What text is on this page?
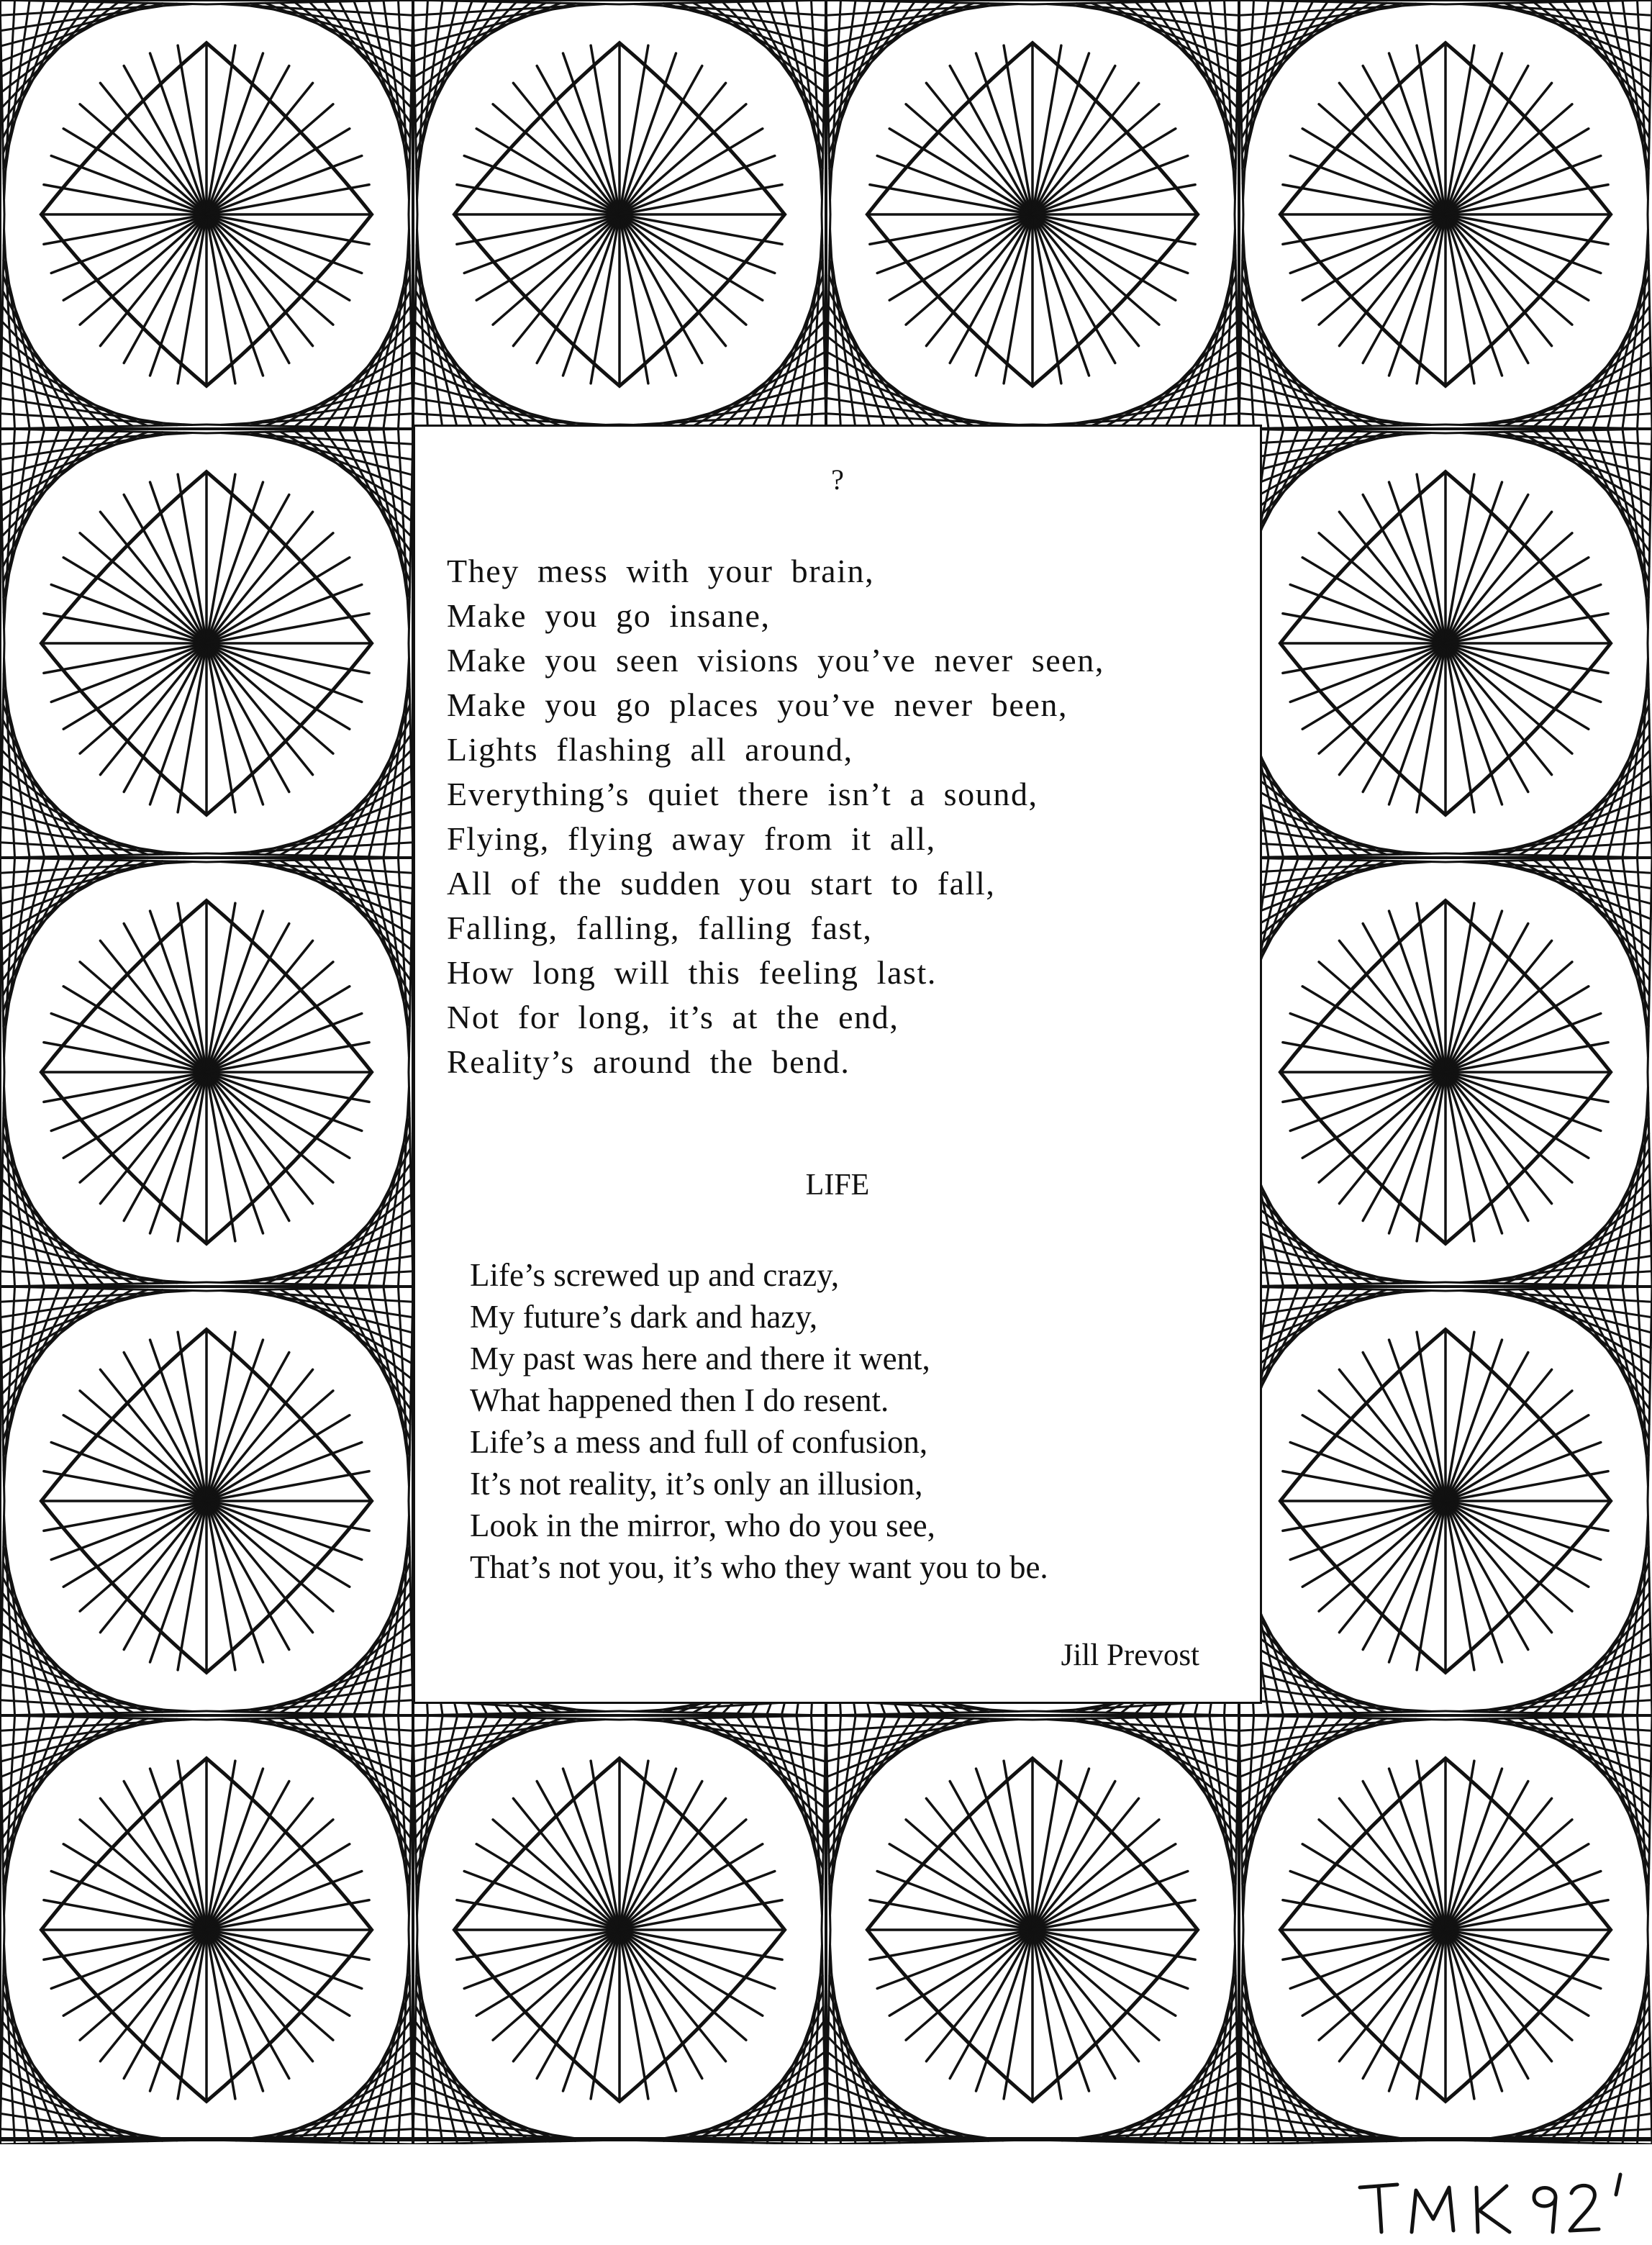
?
They mess with your brain,
Make you go insane,
Make you seen visions you’ve never seen,
Make you go places you’ve never been,
Lights flashing all around,
Everything’s quiet there isn’t a sound,
Flying, flying away from it all,
All of the sudden you start to fall,
Falling, falling, falling fast,
How long will this feeling last.
Not for long, it’s at the end,
Reality’s around the bend.
LIFE
Life’s screwed up and crazy,
My future’s dark and hazy,
My past was here and there it went,
What happened then I do resent.
Life’s a mess and full of confusion,
It’s not reality, it’s only an illusion,
Look in the mirror, who do you see,
That’s not you, it’s who they want you to be.
Jill Prevost
